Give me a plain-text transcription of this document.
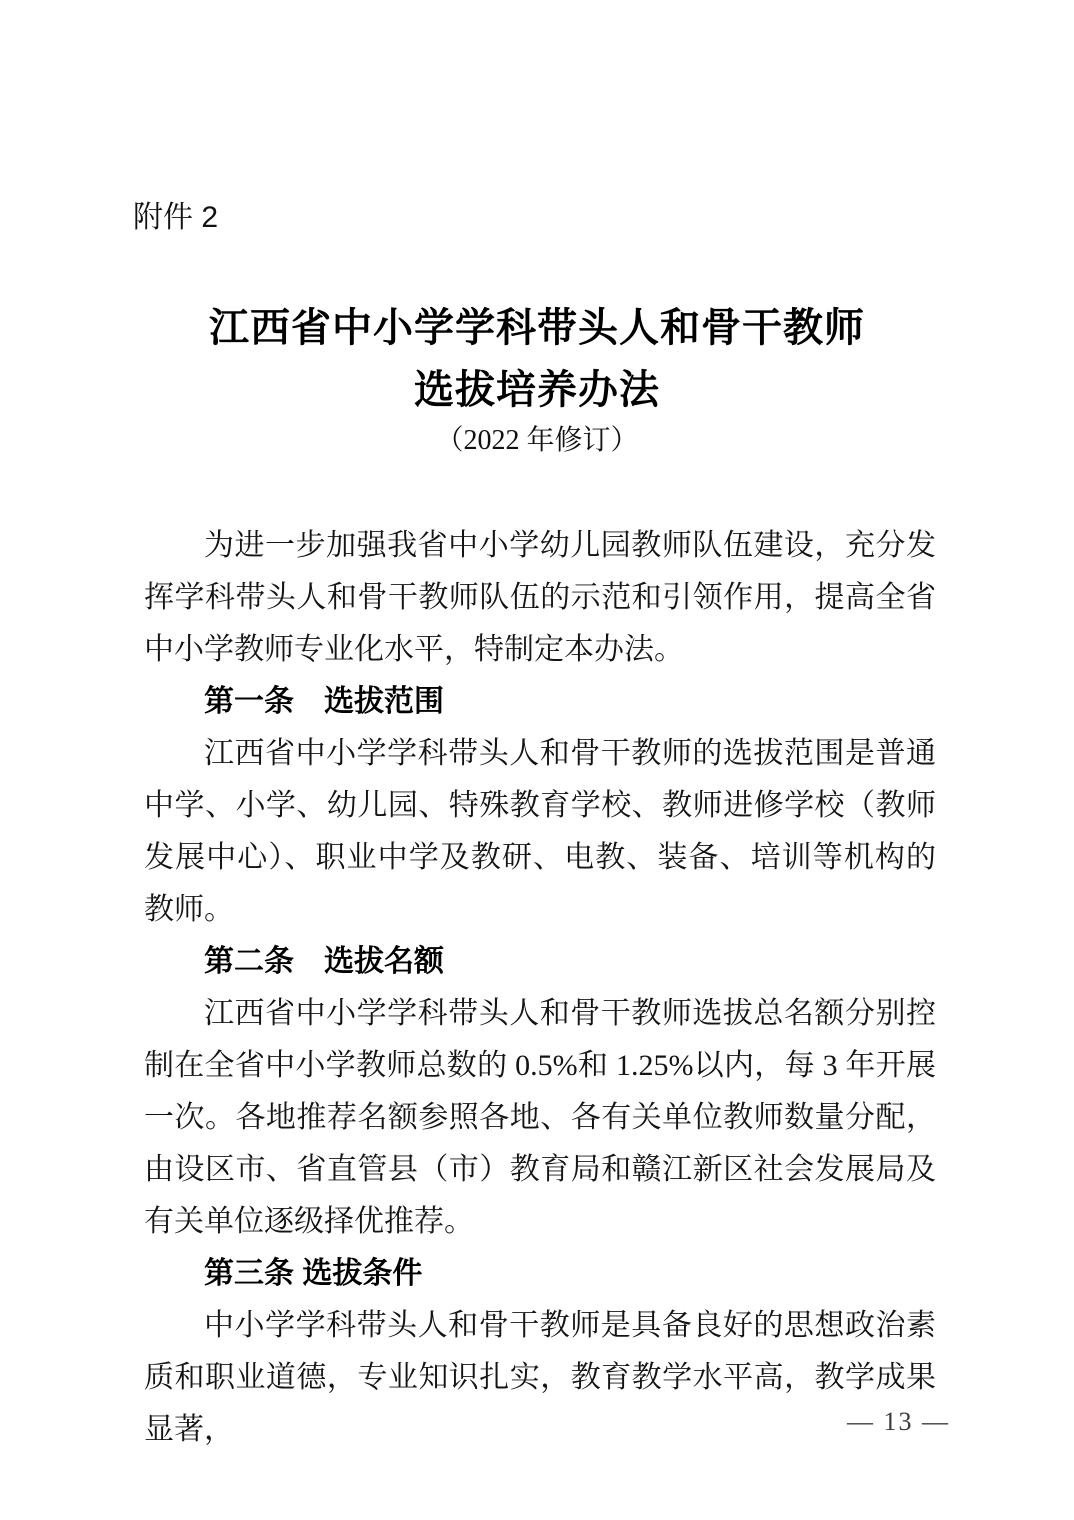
附件 2
江西省中小学学科带头人和骨干教师
选拔培养办法
（2022 年修订）

为进一步加强我省中小学幼儿园教师队伍建设，充分发挥学科带头人和骨干教师队伍的示范和引领作用，提高全省中小学教师专业化水平，特制定本办法。

第一条　选拔范围

江西省中小学学科带头人和骨干教师的选拔范围是普通中学、小学、幼儿园、特殊教育学校、教师进修学校（教师发展中心）、职业中学及教研、电教、装备、培训等机构的教师。

第二条　选拔名额

江西省中小学学科带头人和骨干教师选拔总名额分别控制在全省中小学教师总数的 0.5%和 1.25%以内，每 3 年开展一次。各地推荐名额参照各地、各有关单位教师数量分配，由设区市、省直管县（市）教育局和赣江新区社会发展局及有关单位逐级择优推荐。

第三条 选拔条件

中小学学科带头人和骨干教师是具备良好的思想政治素质和职业道德，专业知识扎实，教育教学水平高，教学成果显著，	— 13 —
